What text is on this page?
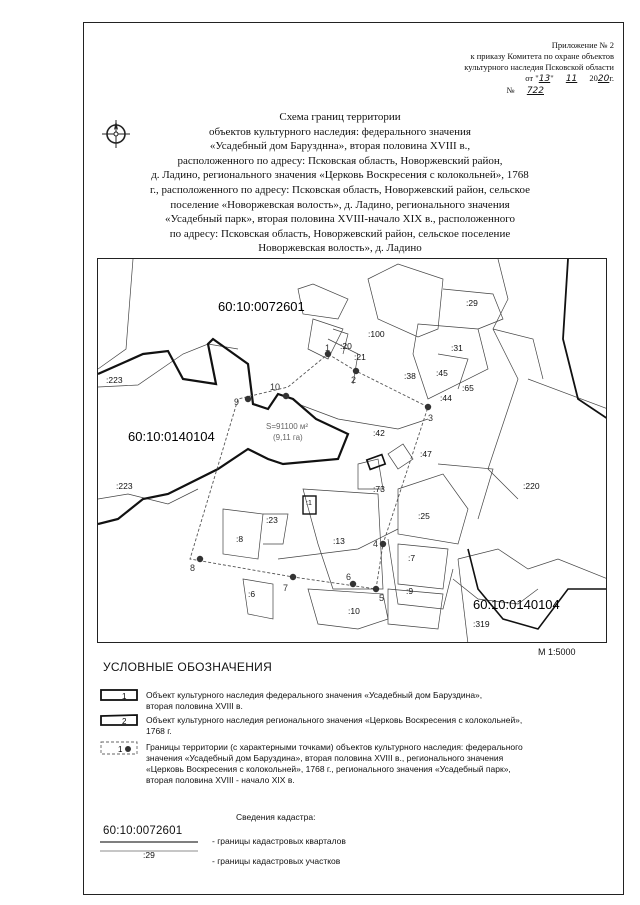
Приложение № 2
к приказу Комитета по охране объектов
культурного наследия Псковской области
от "13" 11 2020г.
№ 722
Схема границ территории
объектов культурного наследия: федерального значения
«Усадебный дом Барузднна», вторая половина XVIII в.,
расположенного по адресу: Псковская область, Новоржевский район,
д. Ладино, регионального значения «Церковь Воскресения с колокольней», 1768
г., расположенного по адресу: Псковская область, Новоржевский район, сельское
поселение «Новоржевская волость», д. Ладино, регионального значения
«Усадебный парк», вторая половина XVIII-начало XIX в., расположенного
по адресу: Псковская область, Новоржевский район, сельское поселение
Новоржевская волость», д. Ладино
60:10:0072601
60:10:0140104
60:10:0140104
S=91100 м²
(9,11 га)
:29
:100
:20
:21
:31
:45
:38
:65
:44
:223
:223
:42
:47
:73	:220
:23
:8	:13
:25
:7
:9
:6
:10
:319
:1
1
2
3
4
5
6
7
8
9
10
М 1:5000
УСЛОВНЫЕ ОБОЗНАЧЕНИЯ
1 Объект культурного наследия федерального значения «Усадебный дом Баруздина»,
вторая половина XVIII в.
2 Объект культурного наследия регионального значения «Церковь Воскресения с колокольней»,
1768 г.
1	Границы территории (с характерными точками) объектов культурного наследия: федерального
значения «Усадебный дом Баруздина», вторая половина XVIII в., регионального значения
«Церковь Воскресения с колокольней», 1768 г., регионального значения «Усадебный парк»,
вторая половина XVIII - начало XIX в.
Сведения кадастра:
60:10:0072601
- границы кадастровых кварталов
:29
- границы кадастровых участков
